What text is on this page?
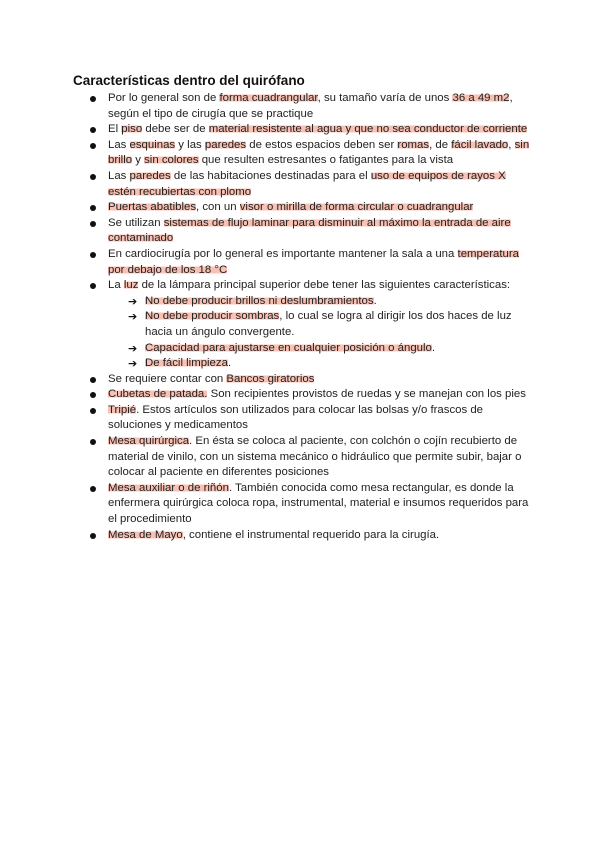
Características dentro del quirófano
Por lo general son de forma cuadrangular, su tamaño varía de unos 36 a 49 m2, según el tipo de cirugía que se practique
El piso debe ser de material resistente al agua y que no sea conductor de corriente
Las esquinas y las paredes de estos espacios deben ser romas, de fácil lavado, sin brillo y sin colores que resulten estresantes o fatigantes para la vista
Las paredes de las habitaciones destinadas para el uso de equipos de rayos X estén recubiertas con plomo
Puertas abatibles, con un visor o mirilla de forma circular o cuadrangular
Se utilizan sistemas de flujo laminar para disminuir al máximo la entrada de aire contaminado
En cardiocirugía por lo general es importante mantener la sala a una temperatura por debajo de los 18 °C
La luz de la lámpara principal superior debe tener las siguientes características:
➔ No debe producir brillos ni deslumbramientos.
➔ No debe producir sombras, lo cual se logra al dirigir los dos haces de luz hacia un ángulo convergente.
➔ Capacidad para ajustarse en cualquier posición o ángulo.
➔ De fácil limpieza.
Se requiere contar con Bancos giratorios
Cubetas de patada. Son recipientes provistos de ruedas y se manejan con los pies
Tripié. Estos artículos son utilizados para colocar las bolsas y/o frascos de soluciones y medicamentos
Mesa quirúrgica. En ésta se coloca al paciente, con colchón o cojín recubierto de material de vinilo, con un sistema mecánico o hidráulico que permite subir, bajar o colocar al paciente en diferentes posiciones
Mesa auxiliar o de riñón. También conocida como mesa rectangular, es donde la enfermera quirúrgica coloca ropa, instrumental, material e insumos requeridos para el procedimiento
Mesa de Mayo, contiene el instrumental requerido para la cirugía.
